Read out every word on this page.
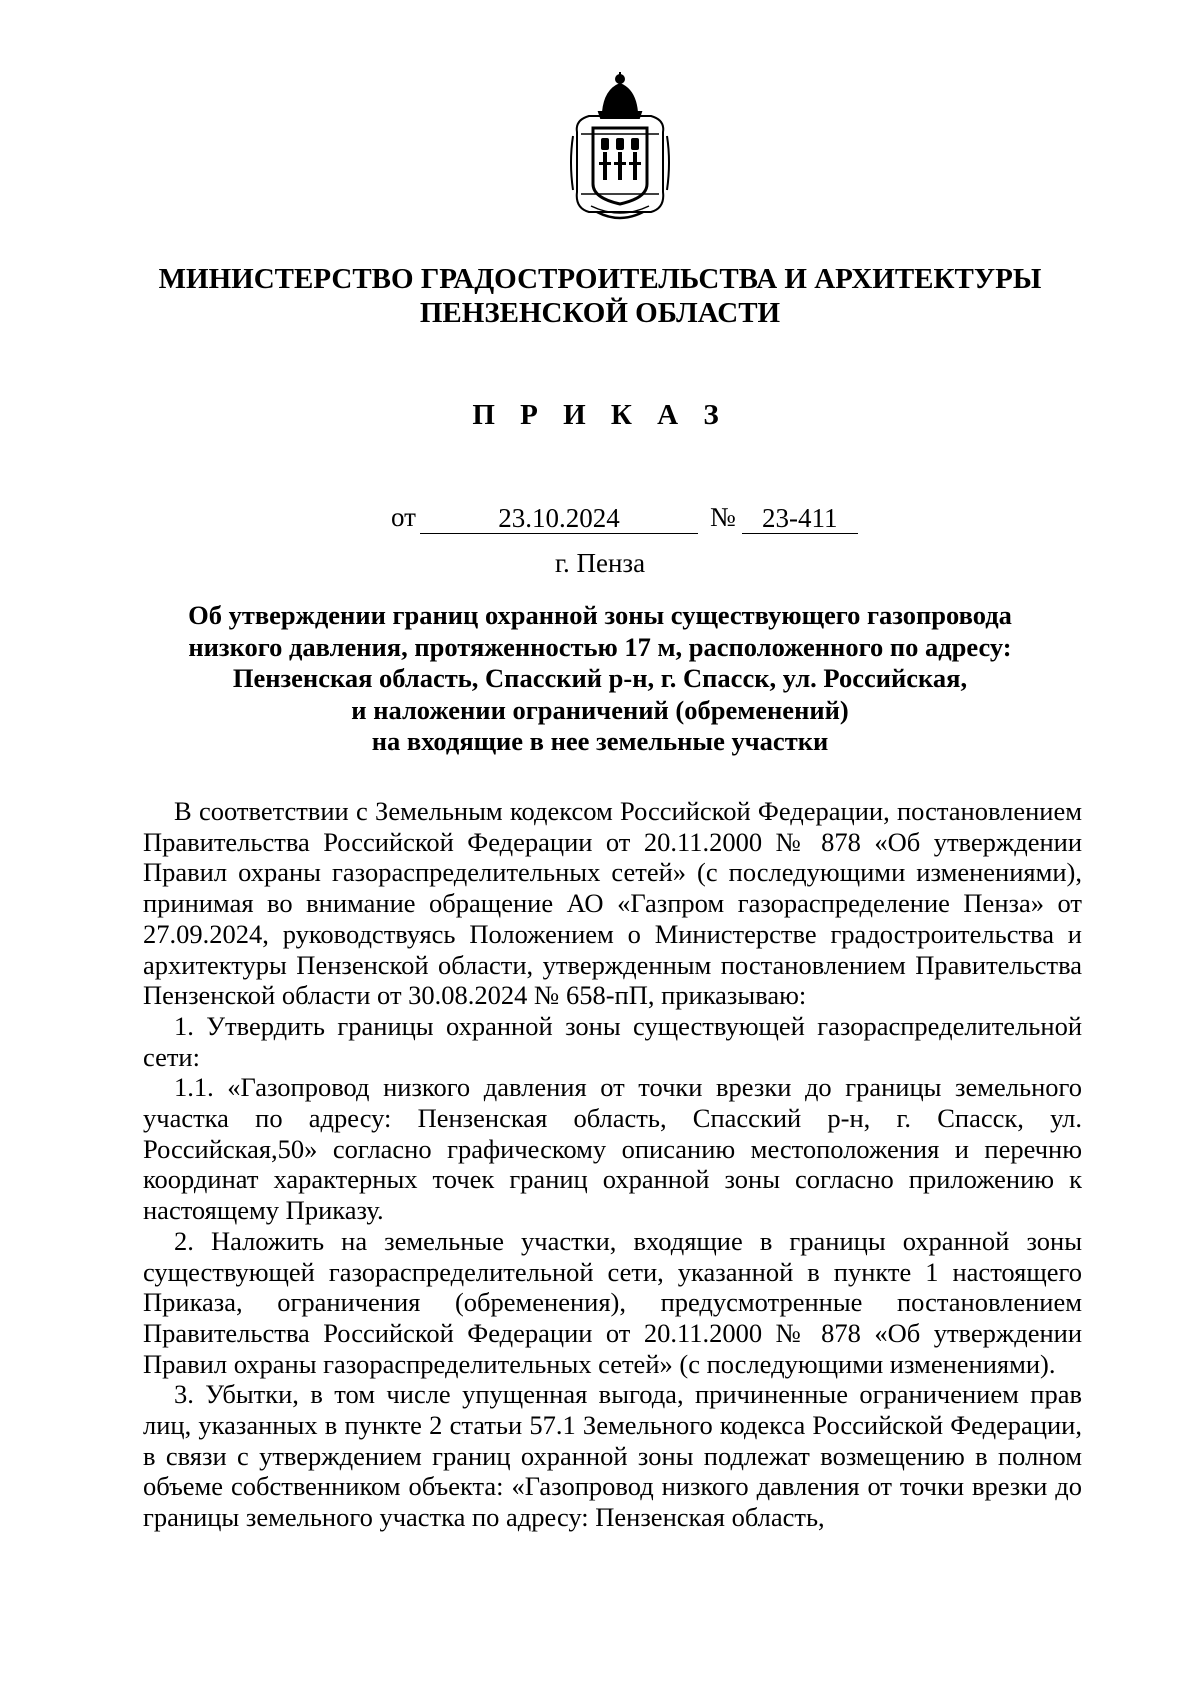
МИНИСТЕРСТВО ГРАДОСТРОИТЕЛЬСТВА И АРХИТЕКТУРЫ
ПЕНЗЕНСКОЙ ОБЛАСТИ
П Р И К А З
от	23.10.2024	№ 23-411
г. Пенза
Об утверждении границ охранной зоны существующего газопровода
низкого давления, протяженностью 17 м, расположенного по адресу:
Пензенская область, Спасский р-н, г. Спасск, ул. Российская,
и наложении ограничений (обременений)
на входящие в нее земельные участки

В соответствии с Земельным кодексом Российской Федерации, постановлением Правительства Российской Федерации от 20.11.2000 № 878 «Об утверждении Правил охраны газораспределительных сетей» (с последующими изменениями), принимая во внимание обращение АО «Газпром газораспределение Пенза» от 27.09.2024, руководствуясь Положением о Министерстве градостроительства и архитектуры Пензенской области, утвержденным постановлением Правительства Пензенской области от 30.08.2024 № 658-пП, приказываю:

1. Утвердить границы охранной зоны существующей газораспределительной сети:

1.1. «Газопровод низкого давления от точки врезки до границы земельного участка по адресу: Пензенская область, Спасский р-н, г. Спасск, ул. Российская,50» согласно графическому описанию местоположения и перечню координат характерных точек границ охранной зоны согласно приложению к настоящему Приказу.

2. Наложить на земельные участки, входящие в границы охранной зоны существующей газораспределительной сети, указанной в пункте 1 настоящего Приказа, ограничения (обременения), предусмотренные постановлением Правительства Российской Федерации от 20.11.2000 № 878 «Об утверждении Правил охраны газораспределительных сетей» (с последующими изменениями).

3. Убытки, в том числе упущенная выгода, причиненные ограничением прав лиц, указанных в пункте 2 статьи 57.1 Земельного кодекса Российской Федерации, в связи с утверждением границ охранной зоны подлежат возмещению в полном объеме собственником объекта: «Газопровод низкого давления от точки врезки до границы земельного участка по адресу: Пензенская область,
